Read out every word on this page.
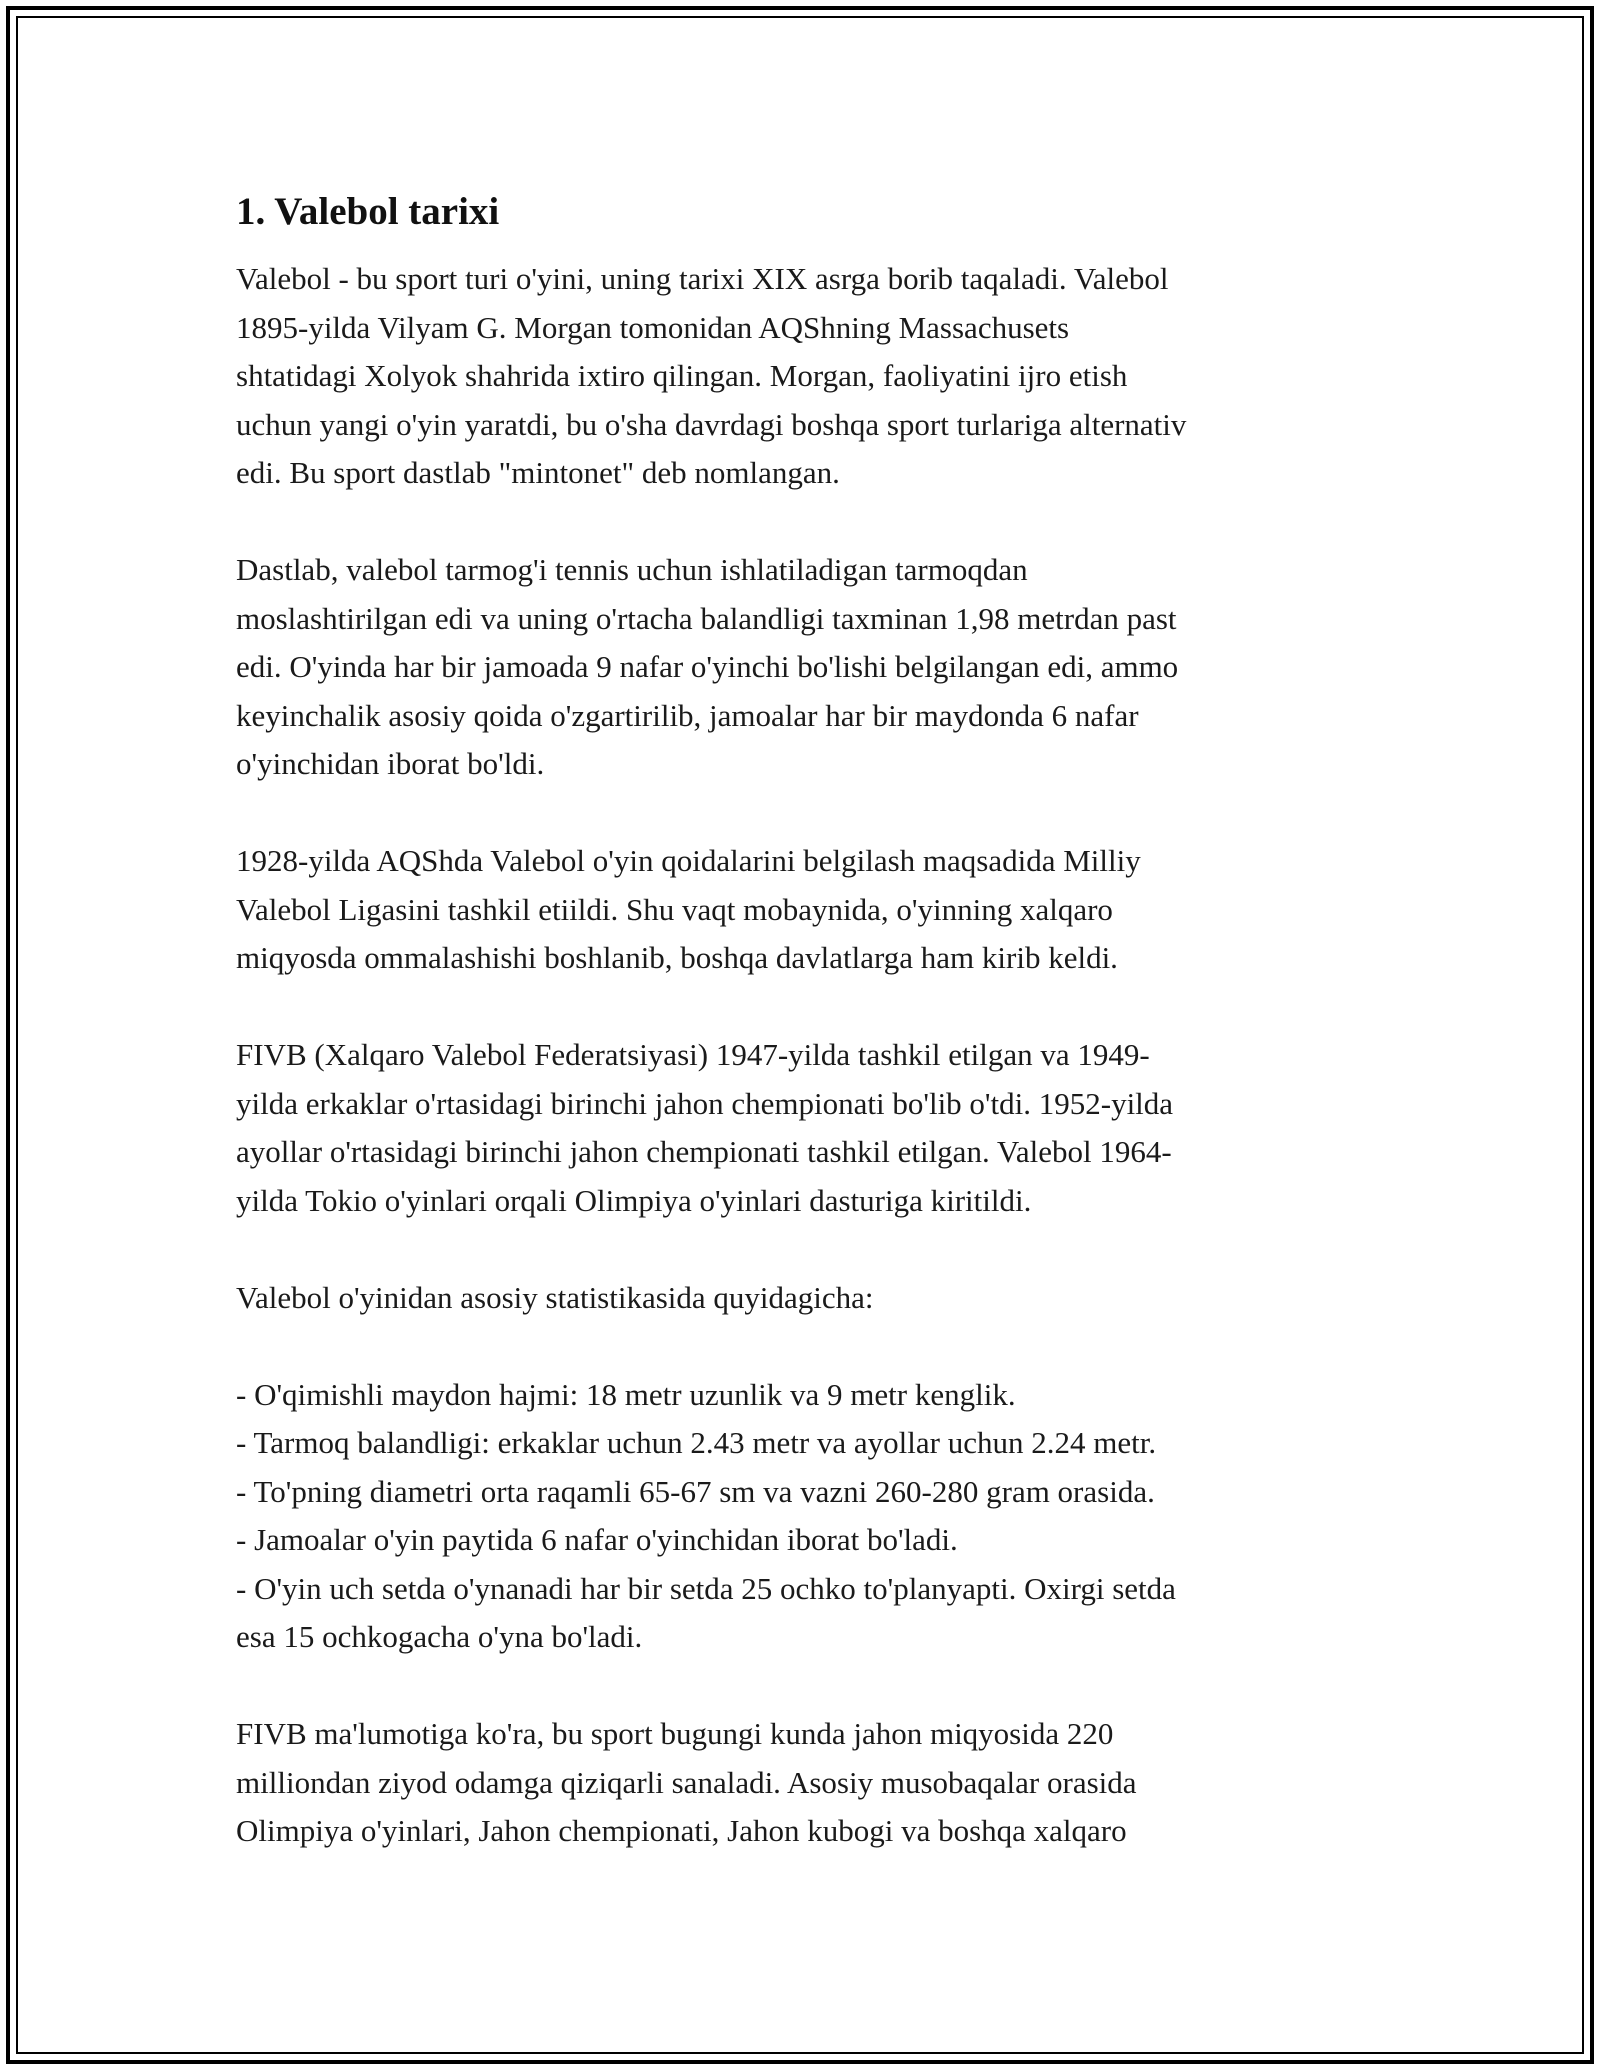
1. Valebol tarixi

Valebol - bu sport turi o'yini, uning tarixi XIX asrga borib taqaladi. Valebol
1895-yilda Vilyam G. Morgan tomonidan AQShning Massachusets
shtatidagi Xolyok shahrida ixtiro qilingan. Morgan, faoliyatini ijro etish
uchun yangi o'yin yaratdi, bu o'sha davrdagi boshqa sport turlariga alternativ
edi. Bu sport dastlab "mintonet" deb nomlangan.

Dastlab, valebol tarmog'i tennis uchun ishlatiladigan tarmoqdan
moslashtirilgan edi va uning o'rtacha balandligi taxminan 1,98 metrdan past
edi. O'yinda har bir jamoada 9 nafar o'yinchi bo'lishi belgilangan edi, ammo
keyinchalik asosiy qoida o'zgartirilib, jamoalar har bir maydonda 6 nafar
o'yinchidan iborat bo'ldi.

1928-yilda AQShda Valebol o'yin qoidalarini belgilash maqsadida Milliy
Valebol Ligasini tashkil etiildi. Shu vaqt mobaynida, o'yinning xalqaro
miqyosda ommalashishi boshlanib, boshqa davlatlarga ham kirib keldi.

FIVB (Xalqaro Valebol Federatsiyasi) 1947-yilda tashkil etilgan va 1949-
yilda erkaklar o'rtasidagi birinchi jahon chempionati bo'lib o'tdi. 1952-yilda
ayollar o'rtasidagi birinchi jahon chempionati tashkil etilgan. Valebol 1964-
yilda Tokio o'yinlari orqali Olimpiya o'yinlari dasturiga kiritildi.

Valebol o'yinidan asosiy statistikasida quyidagicha:

- O'qimishli maydon hajmi: 18 metr uzunlik va 9 metr kenglik.
- Tarmoq balandligi: erkaklar uchun 2.43 metr va ayollar uchun 2.24 metr.
- To'pning diametri orta raqamli 65-67 sm va vazni 260-280 gram orasida.
- Jamoalar o'yin paytida 6 nafar o'yinchidan iborat bo'ladi.
- O'yin uch setda o'ynanadi har bir setda 25 ochko to'planyapti. Oxirgi setda
esa 15 ochkogacha o'yna bo'ladi.

FIVB ma'lumotiga ko'ra, bu sport bugungi kunda jahon miqyosida 220
milliondan ziyod odamga qiziqarli sanaladi. Asosiy musobaqalar orasida
Olimpiya o'yinlari, Jahon chempionati, Jahon kubogi va boshqa xalqaro
